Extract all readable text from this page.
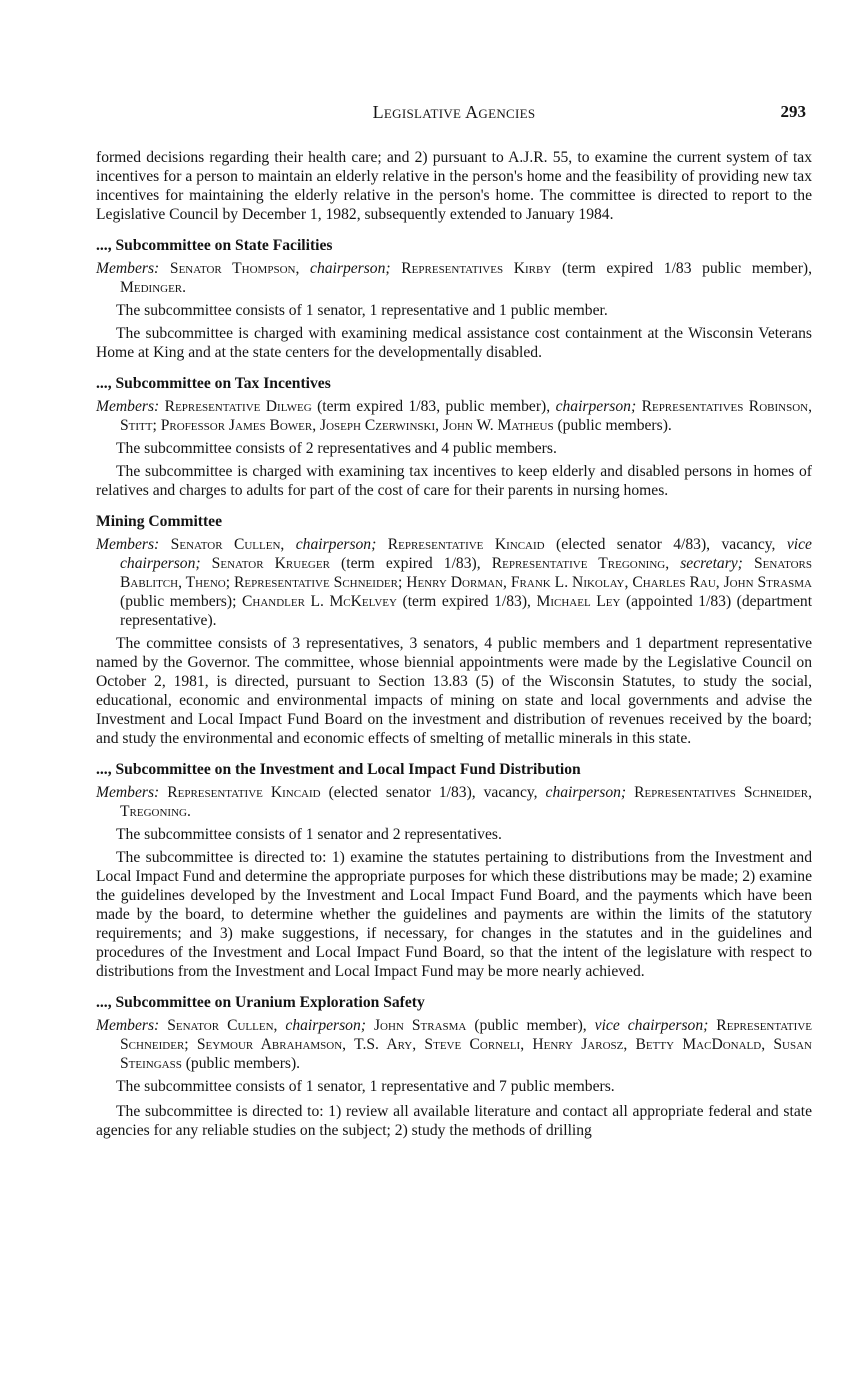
Legislative Agencies	293

formed decisions regarding their health care; and 2) pursuant to A.J.R. 55, to examine the current system of tax incentives for a person to maintain an elderly relative in the person's home and the feasibility of providing new tax incentives for maintaining the elderly relative in the person's home. The committee is directed to report to the Legislative Council by December 1, 1982, subsequently extended to January 1984.

..., Subcommittee on State Facilities

Members: Senator Thompson, chairperson; Representatives Kirby (term expired 1/83 public member), Medinger.

The subcommittee consists of 1 senator, 1 representative and 1 public member.

The subcommittee is charged with examining medical assistance cost containment at the Wisconsin Veterans Home at King and at the state centers for the developmentally disabled.

..., Subcommittee on Tax Incentives

Members: Representative Dilweg (term expired 1/83, public member), chairperson; Representatives Robinson, Stitt; Professor James Bower, Joseph Czerwinski, John W. Matheus (public members).

The subcommittee consists of 2 representatives and 4 public members.

The subcommittee is charged with examining tax incentives to keep elderly and disabled persons in homes of relatives and charges to adults for part of the cost of care for their parents in nursing homes.

Mining Committee

Members: Senator Cullen, chairperson; Representative Kincaid (elected senator 4/83), vacancy, vice chairperson; Senator Krueger (term expired 1/83), Representative Tregoning, secretary; Senators Bablitch, Theno; Representative Schneider; Henry Dorman, Frank L. Nikolay, Charles Rau, John Strasma (public members); Chandler L. McKelvey (term expired 1/83), Michael Ley (appointed 1/83) (department representative).

The committee consists of 3 representatives, 3 senators, 4 public members and 1 department representative named by the Governor. The committee, whose biennial appointments were made by the Legislative Council on October 2, 1981, is directed, pursuant to Section 13.83 (5) of the Wisconsin Statutes, to study the social, educational, economic and environmental impacts of mining on state and local governments and advise the Investment and Local Impact Fund Board on the investment and distribution of revenues received by the board; and study the environmental and economic effects of smelting of metallic minerals in this state.

..., Subcommittee on the Investment and Local Impact Fund Distribution

Members: Representative Kincaid (elected senator 1/83), vacancy, chairperson; Representatives Schneider, Tregoning.

The subcommittee consists of 1 senator and 2 representatives.

The subcommittee is directed to: 1) examine the statutes pertaining to distributions from the Investment and Local Impact Fund and determine the appropriate purposes for which these distributions may be made; 2) examine the guidelines developed by the Investment and Local Impact Fund Board, and the payments which have been made by the board, to determine whether the guidelines and payments are within the limits of the statutory requirements; and 3) make suggestions, if necessary, for changes in the statutes and in the guidelines and procedures of the Investment and Local Impact Fund Board, so that the intent of the legislature with respect to distributions from the Investment and Local Impact Fund may be more nearly achieved.

..., Subcommittee on Uranium Exploration Safety

Members: Senator Cullen, chairperson; John Strasma (public member), vice chairperson; Representative Schneider; Seymour Abrahamson, T.S. Ary, Steve Corneli, Henry Jarosz, Betty MacDonald, Susan Steingass (public members).

The subcommittee consists of 1 senator, 1 representative and 7 public members.

The subcommittee is directed to: 1) review all available literature and contact all appropriate federal and state agencies for any reliable studies on the subject; 2) study the methods of drilling
